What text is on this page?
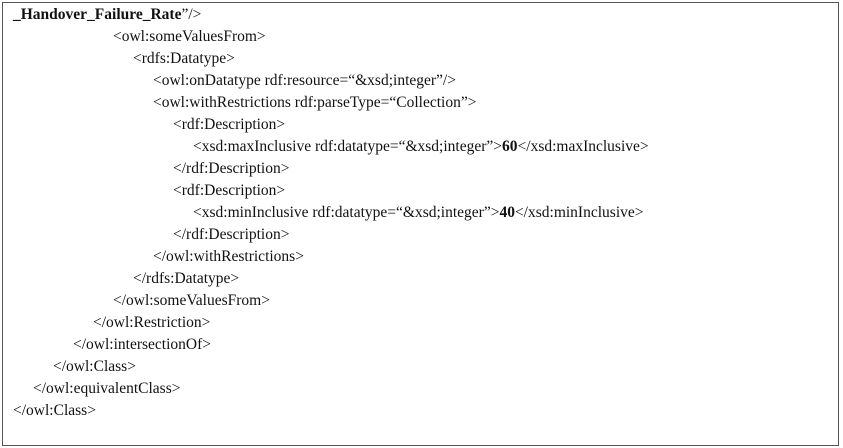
_Handover_Failure_Rate”/>
<owl:someValuesFrom>
<rdfs:Datatype>
<owl:onDatatype rdf:resource=“&xsd;integer”/>
<owl:withRestrictions rdf:parseType=“Collection”>
<rdf:Description>
<xsd:maxInclusive rdf:datatype=“&xsd;integer”>60</xsd:maxInclusive>
</rdf:Description>
<rdf:Description>
<xsd:minInclusive rdf:datatype=“&xsd;integer”>40</xsd:minInclusive>
</rdf:Description>
</owl:withRestrictions>
</rdfs:Datatype>
</owl:someValuesFrom>
</owl:Restriction>
</owl:intersectionOf>
</owl:Class>
</owl:equivalentClass>
</owl:Class>
